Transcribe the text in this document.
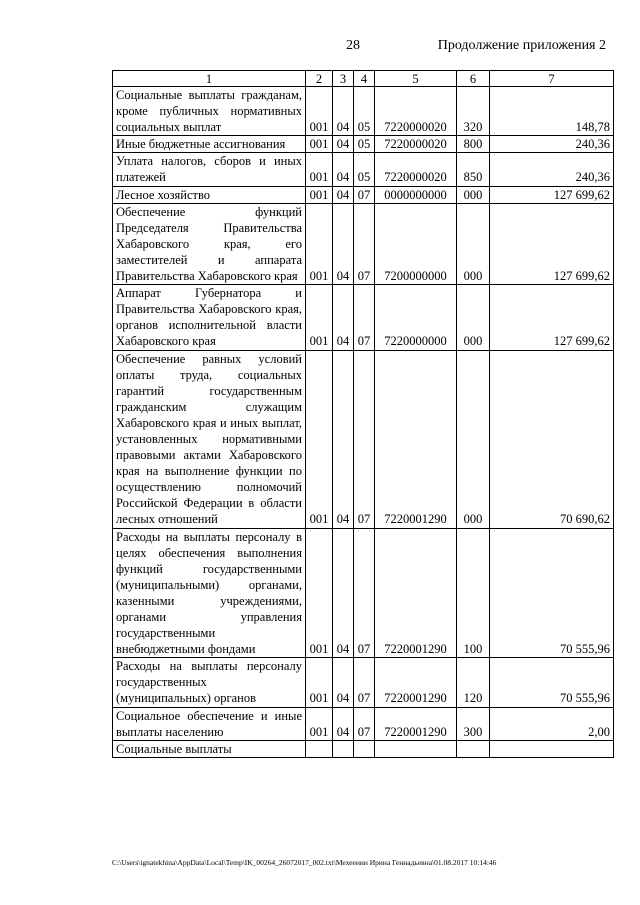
28	Продолжение приложения 2
1	2	3	4	5	6	7
Социальные выплаты гражданам, кроме публичных нормативных социальных выплат	001	04	05	7220000020	320	148,78
Иные бюджетные ассигнования	001	04	05	7220000020	800	240,36
Уплата налогов, сборов и иных платежей	001	04	05	7220000020	850	240,36
Лесное хозяйство	001	04	07	0000000000	000	127 699,62
Обеспечение функций Председателя Правительства Хабаровского края, его заместителей и аппарата Правительства Хабаровского края	001	04	07	7200000000	000	127 699,62
Аппарат Губернатора и Правительства Хабаровского края, органов исполнительной власти Хабаровского края	001	04	07	7220000000	000	127 699,62
Обеспечение равных условий оплаты труда, социальных гарантий государственным гражданским служащим Хабаровского края и иных выплат, установленных нормативными правовыми актами Хабаровского края на выполнение функции по осуществлению полномочий Российской Федерации в области лесных отношений	001	04	07	7220001290	000	70 690,62
Расходы на выплаты персоналу в целях обеспечения выполнения функций государственными (муниципальными) органами, казенными учреждениями, органами управления государственными внебюджетными фондами	001	04	07	7220001290	100	70 555,96
Расходы на выплаты персоналу государственных (муниципальных) органов	001	04	07	7220001290	120	70 555,96
Социальное обеспечение и иные выплаты населению	001	04	07	7220001290	300	2,00
Социальные выплаты						
C:\Users\ignatekhina\AppData\Local\Temp\IK_00264_26072017_002.txt\Мехеенин Ирина Геннадьевна\01.08.2017 10:14:46
